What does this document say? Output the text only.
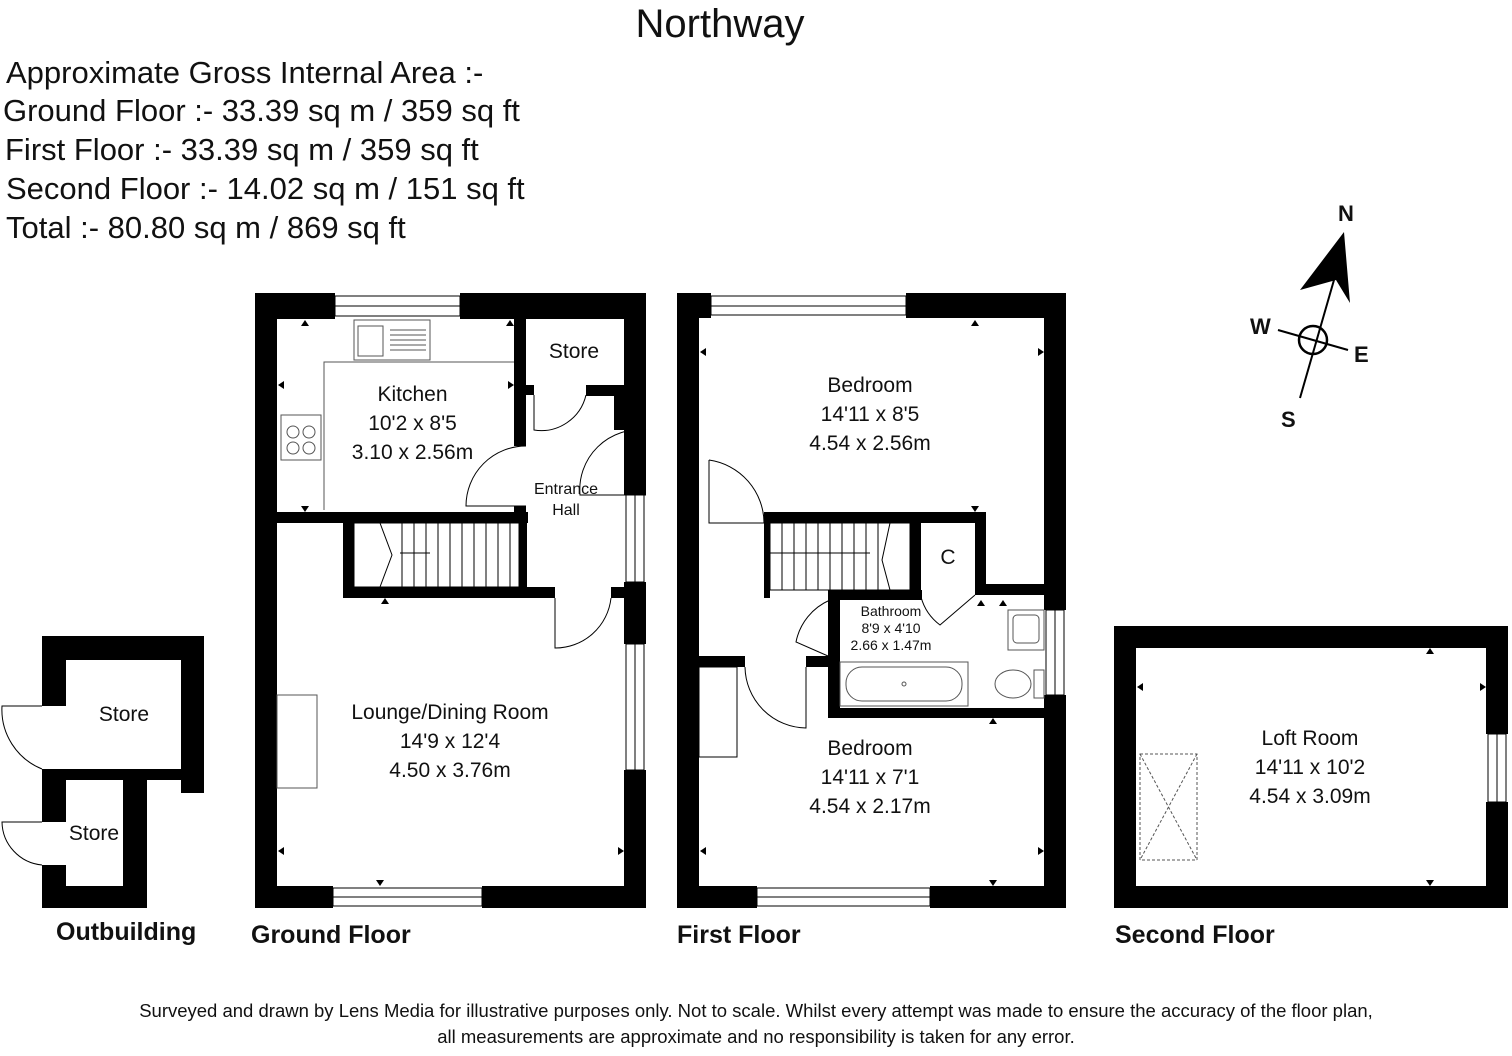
Northway
Approximate Gross Internal Area :-
Ground Floor :- 33.39 sq m / 359 sq ft
First Floor :- 33.39 sq m / 359 sq ft
Second Floor :- 14.02 sq m / 151 sq ft
Total :- 80.80 sq m / 869 sq ft
Kitchen
10'2 x 8'5
3.10 x 2.56m
Store
Entrance
Hall
Lounge/Dining Room
14'9 x 12'4
4.50 x 3.76m
Bedroom
14'11 x 8'5
4.54 x 2.56m
C
Bathroom
8'9 x 4'10
2.66 x 1.47m
Bedroom
14'11 x 7'1
4.54 x 2.17m
Loft Room
14'11 x 10'2
4.54 x 3.09m
Store
Store
Outbuilding Ground Floor	First Floor	Second Floor
N
S
E
W
Surveyed and drawn by Lens Media for illustrative purposes only. Not to scale. Whilst every attempt was made to ensure the accuracy of the floor plan,
all measurements are approximate and no responsibility is taken for any error.
